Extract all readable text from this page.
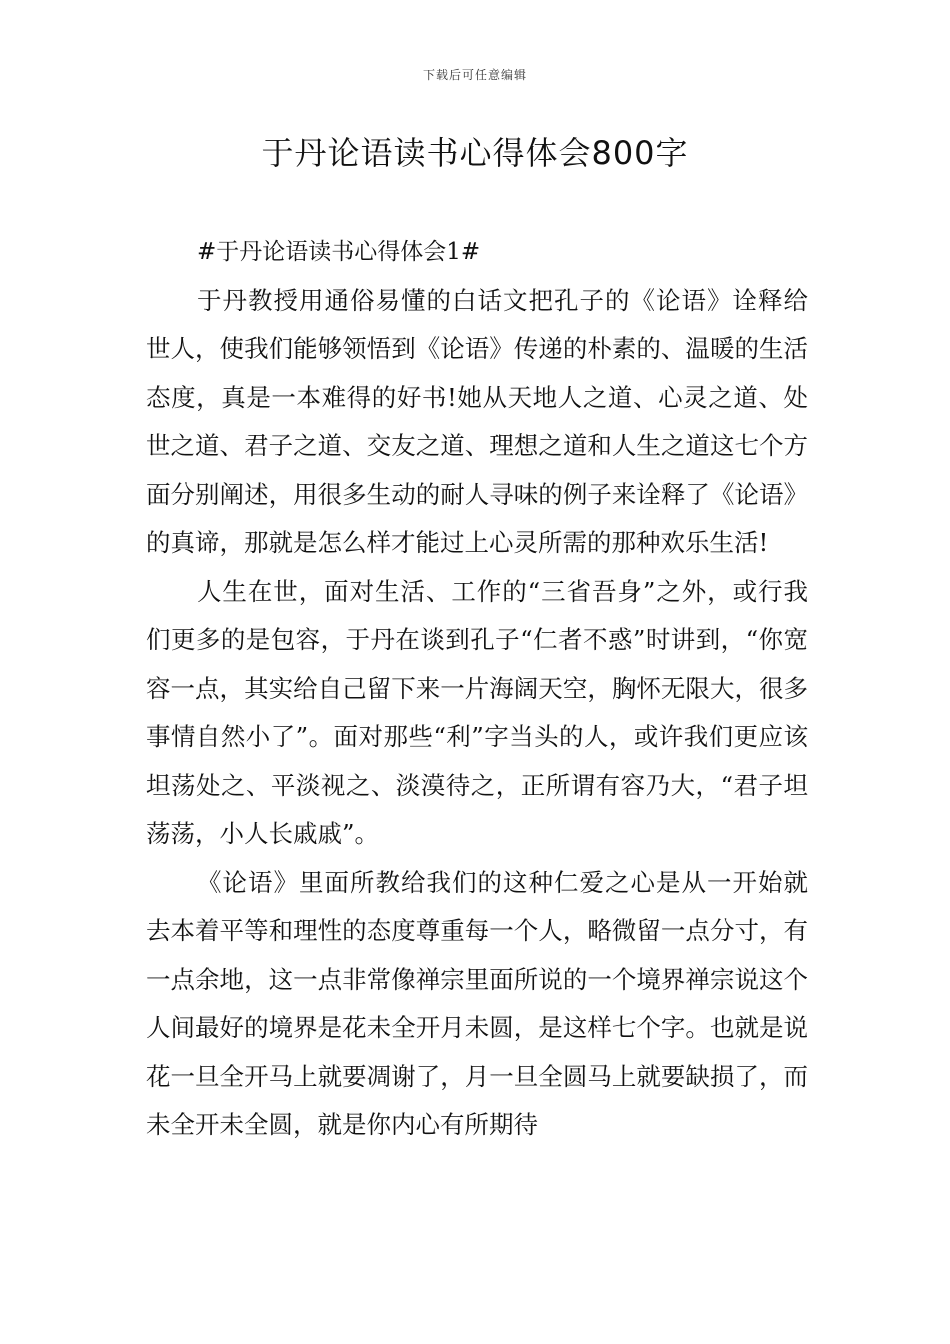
下载后可任意编辑
于丹论语读书心得体会800字

#于丹论语读书心得体会1#

于丹教授用通俗易懂的白话文把孔子的《论语》诠释给世人，使我们能够领悟到《论语》传递的朴素的、温暖的生活态度，真是一本难得的好书!她从天地人之道、心灵之道、处世之道、君子之道、交友之道、理想之道和人生之道这七个方面分别阐述，用很多生动的耐人寻味的例子来诠释了《论语》的真谛，那就是怎么样才能过上心灵所需的那种欢乐生活!

人生在世，面对生活、工作的“三省吾身”之外，或行我们更多的是包容，于丹在谈到孔子“仁者不惑”时讲到，“你宽容一点，其实给自己留下来一片海阔天空，胸怀无限大，很多事情自然小了”。面对那些“利”字当头的人，或许我们更应该坦荡处之、平淡视之、淡漠待之，正所谓有容乃大，“君子坦荡荡，小人长戚戚”。

《论语》里面所教给我们的这种仁爱之心是从一开始就去本着平等和理性的态度尊重每一个人，略微留一点分寸，有一点余地，这一点非常像禅宗里面所说的一个境界禅宗说这个人间最好的境界是花未全开月未圆，是这样七个字。也就是说花一旦全开马上就要凋谢了，月一旦全圆马上就要缺损了，而未全开未全圆，就是你内心有所期待
